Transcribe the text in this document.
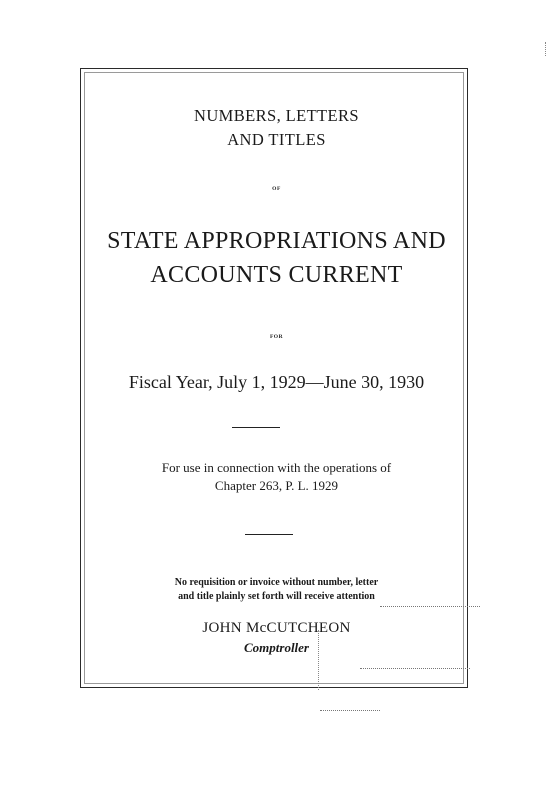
NUMBERS, LETTERS
AND TITLES
OF
STATE APPROPRIATIONS AND
ACCOUNTS CURRENT
FOR
Fiscal Year, July 1, 1929—June 30, 1930
For use in connection with the operations of
Chapter 263, P. L. 1929
No requisition or invoice without number, letter
and title plainly set forth will receive attention
JOHN McCUTCHEON
Comptroller
